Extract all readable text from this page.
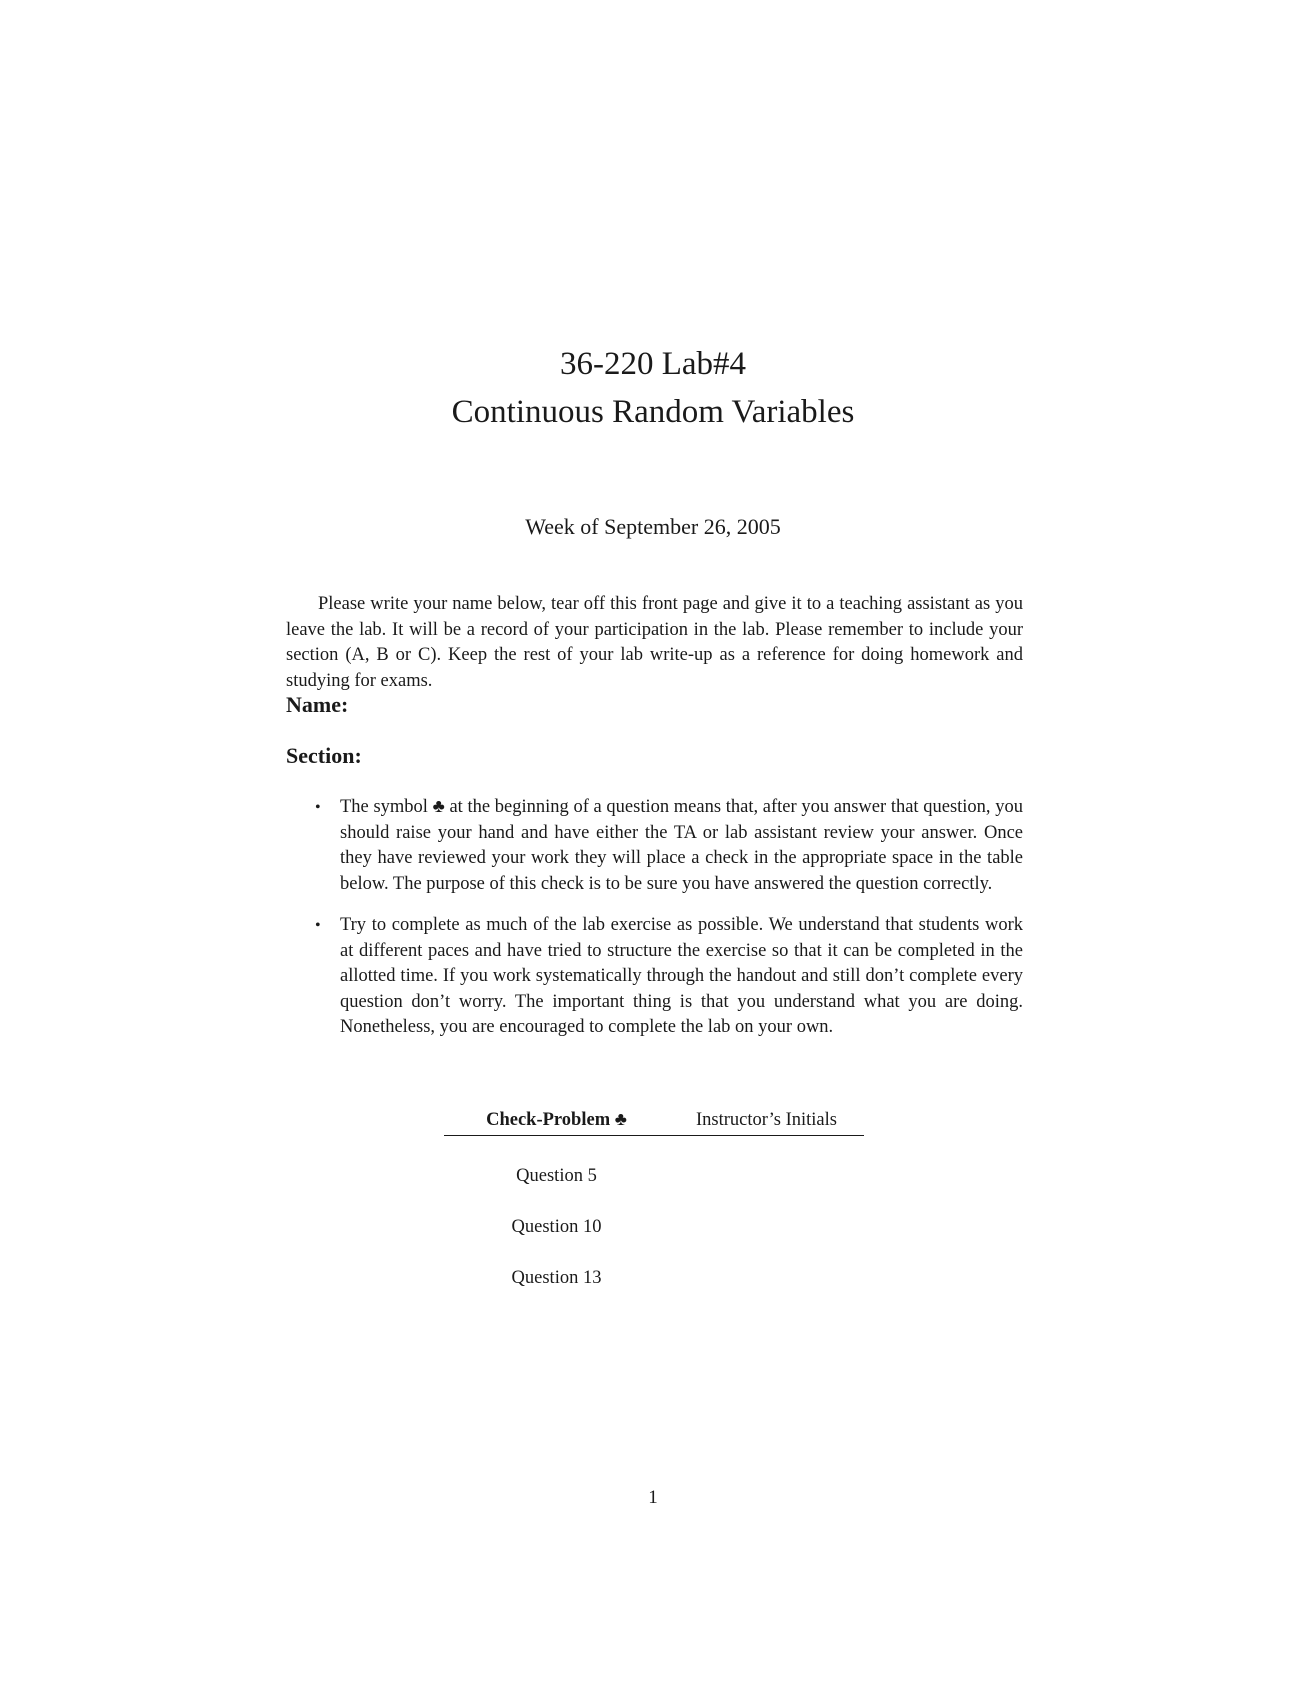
36-220 Lab#4

Continuous Random Variables

Week of September 26, 2005

Please write your name below, tear off this front page and give it to a teaching assistant as you leave the lab. It will be a record of your participation in the lab. Please remember to include your section (A, B or C). Keep the rest of your lab write-up as a reference for doing homework and studying for exams.

Name:
Section:
• The symbol ♣ at the beginning of a question means that, after you answer that question, you should raise your hand and have either the TA or lab assistant review your answer. Once they have reviewed your work they will place a check in the appropriate space in the table below. The purpose of this check is to be sure you have answered the question correctly.
• Try to complete as much of the lab exercise as possible. We understand that students work at different paces and have tried to structure the exercise so that it can be completed in the allotted time. If you work systematically through the handout and still don’t complete every question don’t worry. The important thing is that you understand what you are doing. Nonetheless, you are encouraged to complete the lab on your own.
Check-Problem ♣	Instructor’s Initials
Question 5
Question 10
Question 13
1
